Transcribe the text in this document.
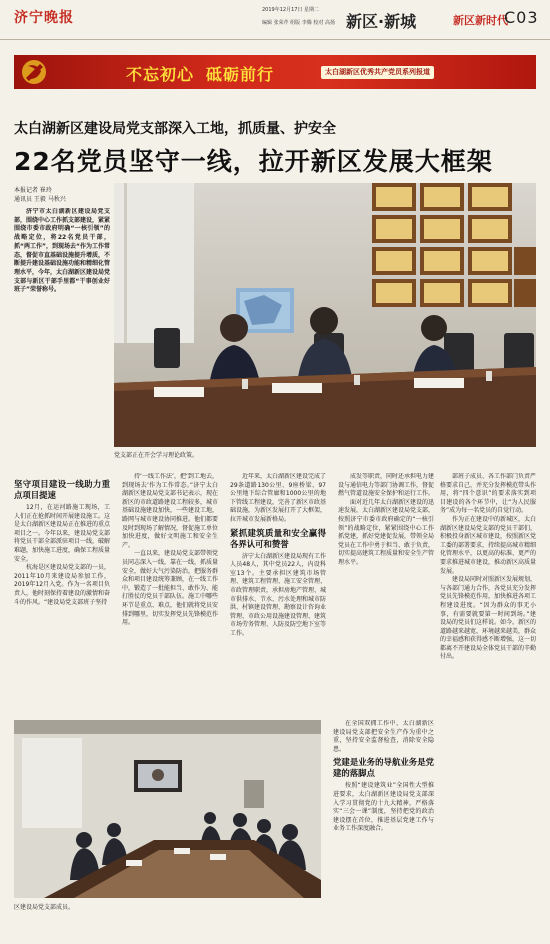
济宁晚报	2019年12月17日 星期二
编辑 张荣芹 组版 李腾 校对 高扬 新区·新城	新区新时代
C03
不忘初心 砥砺前行	太白湖新区优秀共产党员系列报道
太白湖新区建设局党支部深入工地，抓质量、护安全
22名党员坚守一线，拉开新区发展大框架
本报记者 崔玲
通讯员 王毅 马秋兴
济宁市太白湖新区建设局党支部，围绕中心工作抓支部建设，紧紧围绕市委市政府明确“一核引领”的战略定位，将22名党员干部，抓“两工作”，到现场去“作为工作常态，督促市直基础设施提升增质，不断提升建设基础设施功能和精细化管理水平，今年，太白湖新区建设局党支部与新区干部手里都“干事创业好班子”荣誉称号。
党支部正在开会学习理论政策。

坚守项目建设一线助力重点项目提速

12月，在运河路施工现场，工人们正在抢抓时间开展建设施工。这是太白湖新区建设局正在推进的重点项目之一。今年以来，建设局党支部将党员干部全部派驻项目一线，破解难题，加快施工进度，确保工程质量安全。

杭海是区建设局党支部的一员，2011年10月来建设局参加工作，2019年12月入党。作为一名项目负责人，他时刻保持着建设的激情和奋斗的作风。“建设局党支部班子坚持

持‘一线工作法’，把‘到工地去，到现场去’作为工作常态。”济宁太白湖新区建设局党支部书记表示，现在新区的市政道路建设工程较多，城市基础设施建设加快，一些建设工地，路网与城市建设协同推进。他们都要及时到现场了解情况，督促施工单位加快进度，做好文明施工和安全生产。

一直以来，建设局党支部带领党员同志深入一线，靠在一线，抓质量安全，做好大气污染防治，把服务群众和项目建设统筹兼顾，在一线工作中，锻造了一批能担当、敢作为、能打胜仗的党员干部队伍。施工中哪些环节是重点、难点，他们就将党员安排到哪里，切实发挥党员先锋模范作用。

近年来，太白湖新区建设完成了29条道路130公里、9座桥梁、97公里地下综合管廊和1000公里的地下管线工程建设，完善了新区市政基础设施，为新区发展打开了大框架，拉开城市发展新格局。

紧抓建筑质量和安全赢得各界认可和赞誉

济宁太白湖新区建设局现有工作人员48人，其中党员22人，内设科室13个。主要承担区建筑市场管理、建筑工程管理、施工安全管理、市政管理职责，承担房地产管理、城市供排水、节水、污水处理和城市防洪、村镇建设管理、勘察设计咨询业管理、市政公用设施建设管理、建筑市场劳务管理、人防及防空地下室等工作。

成发等职责，同时还承担电力建设与通信电力等部门协调工作，督促燃气管道设施安全保护和运行工作。

面对近几年太白湖新区建设的迅速发展，太白湖新区建设局党支部，按照济宁市委市政府确定的“一核引领”的战略定位，紧紧围绕中心工作抓党建，抓好党建促发展，带领全局党员在工作中勇于担当、敢于负责，切实提高建筑工程质量和安全生产管理水平。

部班子成员、各工作部门负责严格要求自己，并充分发挥模范带头作用，将“四个意识”的要求落实到项目建设的各个环节中，让“为人民服务”成为每一名党员的自觉行动。

作为正在建设中的新城区，太白湖新区建设局党支部的党员干部们，积极投身新区城市建设，按照新区党工委的部署要求，持续提高城市精细化管理水平，以更高的标准、更严的要求推进城市建设，推动新区高质量发展。

建设局同时对照新区发展规划，与各部门通力合作，各党员充分发挥党员先锋模范作用，加快推进各项工程建设进度。“因为群众的事无小事，有需要就要第一时间到场。”建设局的党员们这样说。如今，新区的道路越来越宽，环境越来越美，群众的幸福感和获得感不断增强，这一切都离不开建设局全体党员干部的辛勤付出。

在全国双拥工作中，太白湖新区建设局党支部把安全生产作为重中之重，坚持安全监督检查，消除安全隐患。

党建是业务的导航业务是党建的落脚点

按照“建设建筑业”全国性大型推进要求，太白湖新区建设局党支部深入学习贯彻党的十九大精神，严格落实“三会一课”制度，坚持把党的政治建设摆在首位，推进基层党建工作与业务工作深度融合。

区建设局党支部成员。
